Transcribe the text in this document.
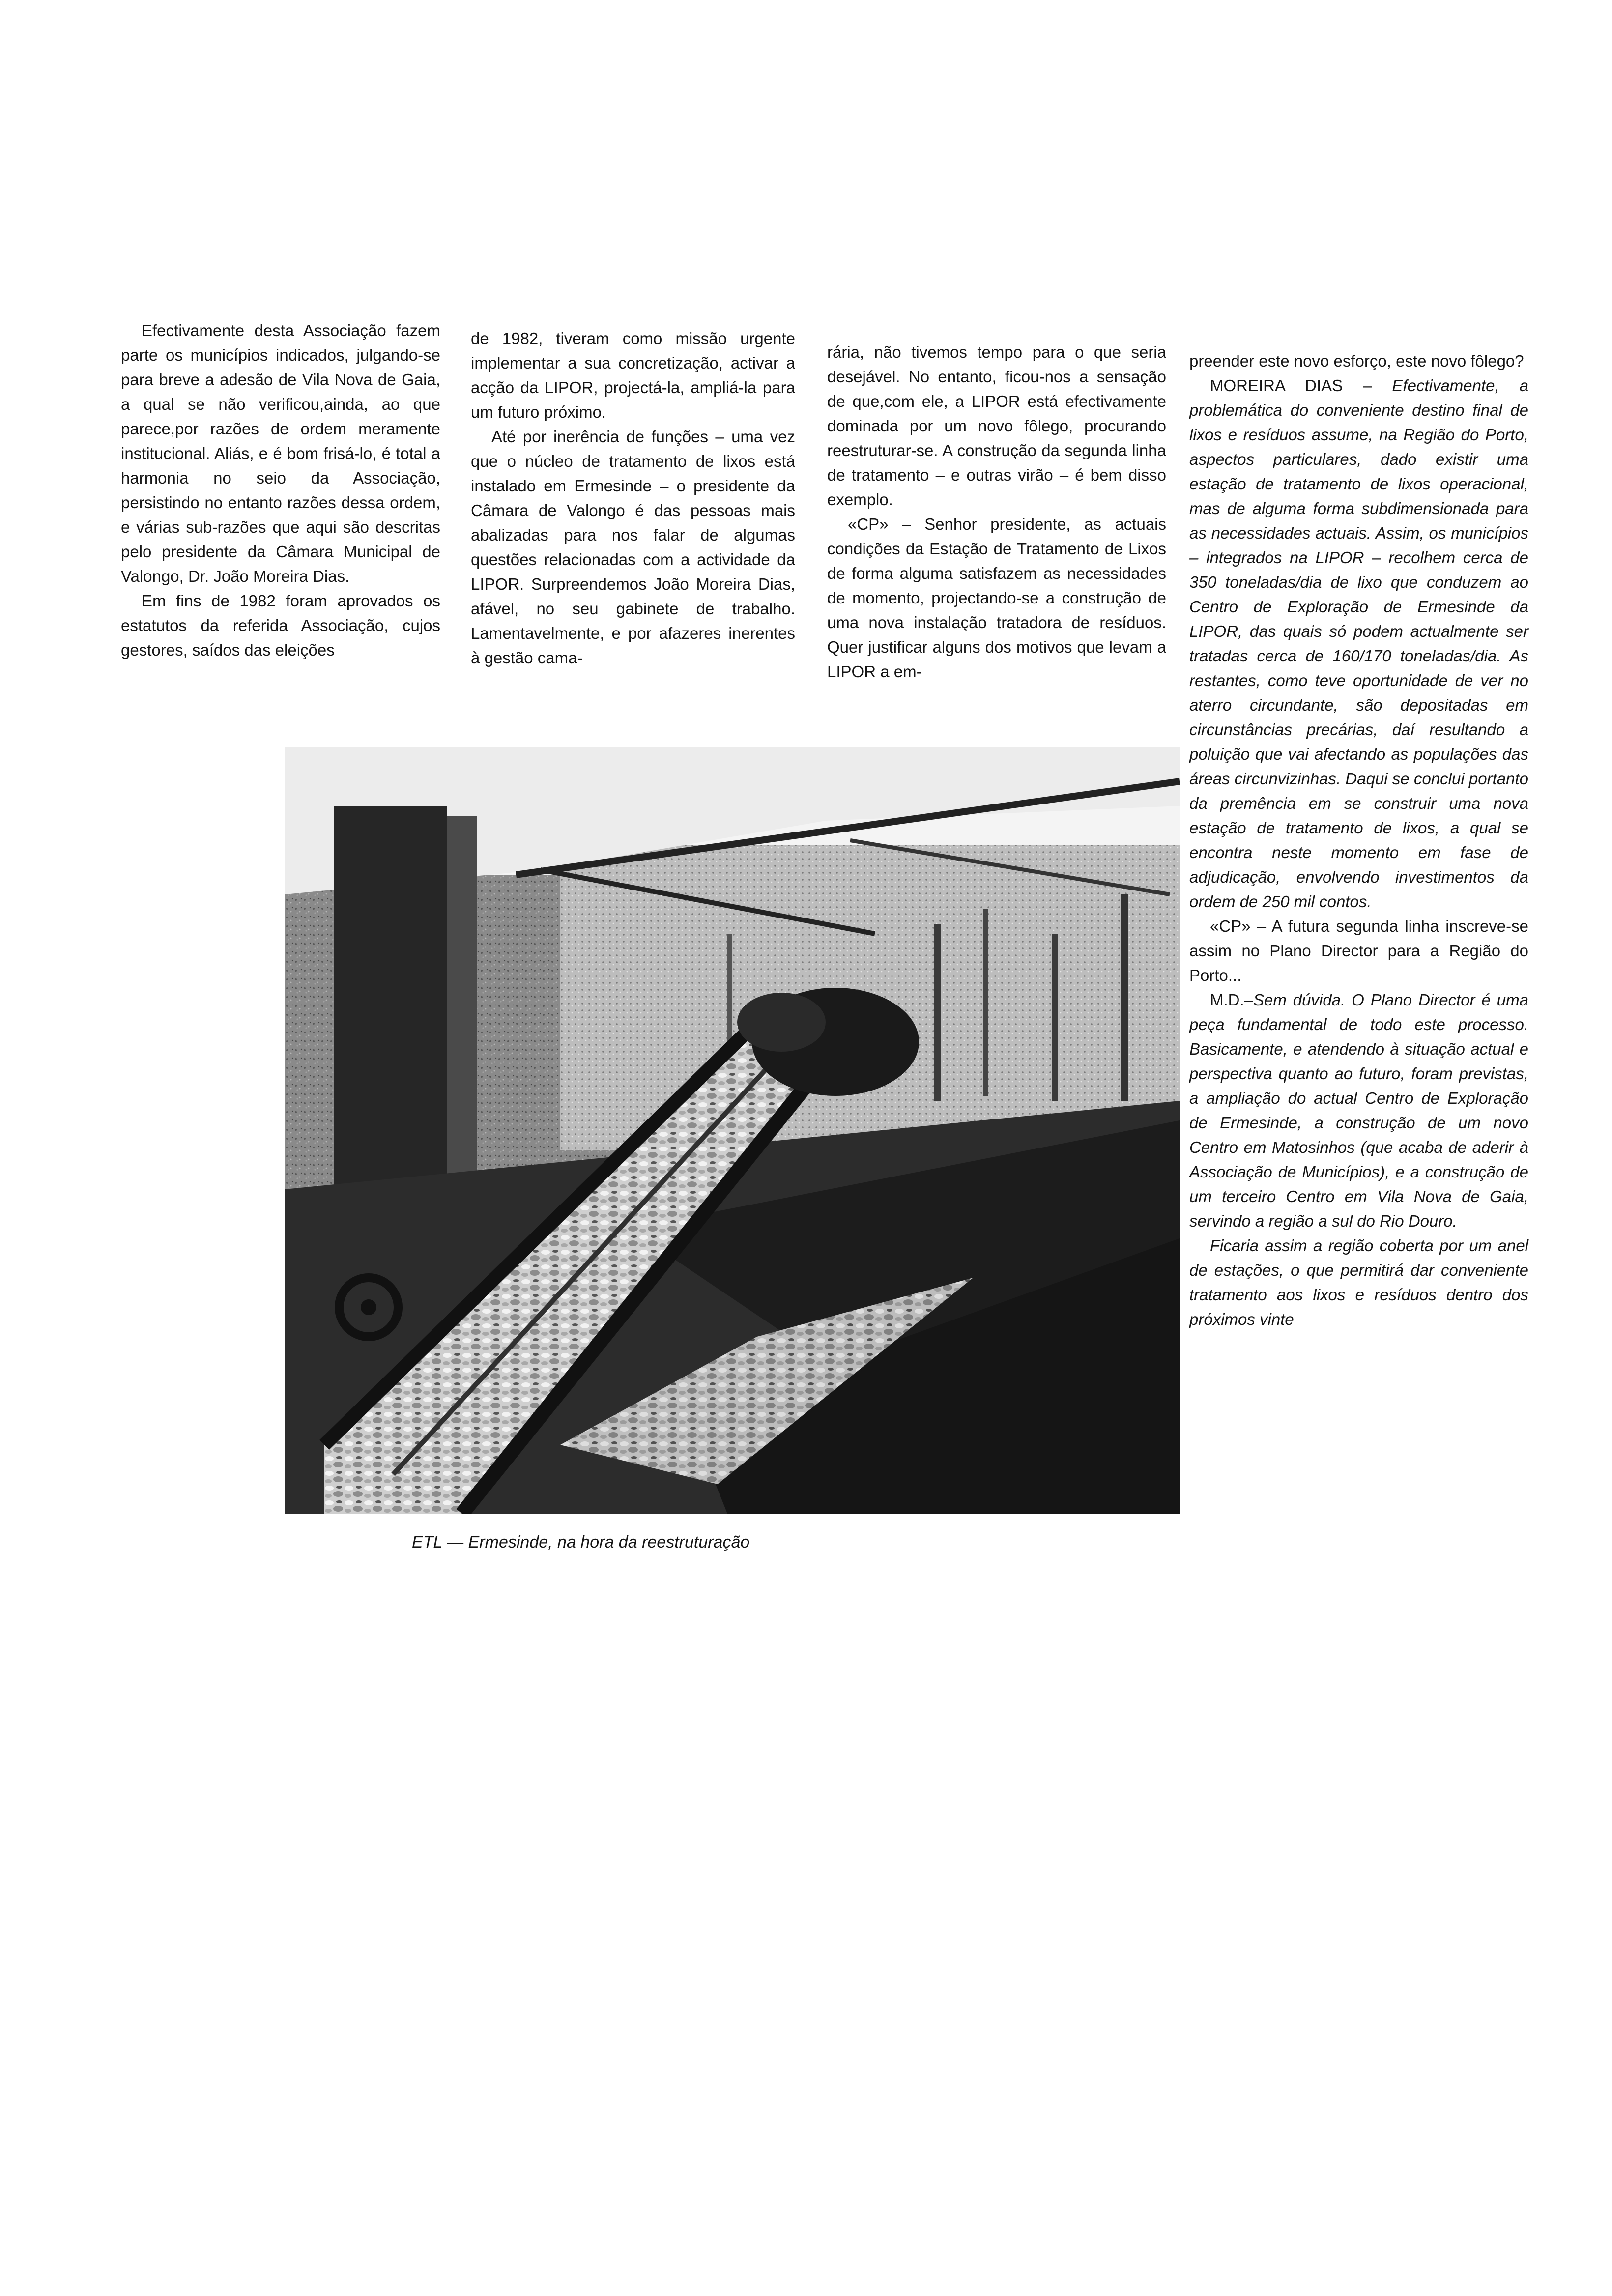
Efectivamente desta Associação fazem parte os municípios indicados, julgando-se para breve a adesão de Vila Nova de Gaia, a qual se não verificou,ainda, ao que parece,por razões de ordem meramente institucional. Aliás, e é bom frisá-lo, é total a harmonia no seio da Associação, persistindo no entanto razões dessa ordem, e várias sub-razões que aqui são descritas pelo presidente da Câmara Municipal de Valongo, Dr. João Moreira Dias.

Em fins de 1982 foram aprovados os estatutos da referida Associação, cujos gestores, saídos das eleições

de 1982, tiveram como missão urgente implementar a sua concretização, activar a acção da LIPOR, projectá-la, ampliá-la para um futuro próximo.

Até por inerência de funções – uma vez que o núcleo de tratamento de lixos está instalado em Ermesinde – o presidente da Câmara de Valongo é das pessoas mais abalizadas para nos falar de algumas questões relacionadas com a actividade da LIPOR. Surpreendemos João Moreira Dias, afável, no seu gabinete de trabalho. Lamentavelmente, e por afazeres inerentes à gestão cama-

rária, não tivemos tempo para o que seria desejável. No entanto, ficou-nos a sensação de que,com ele, a LIPOR está efectivamente dominada por um novo fôlego, procurando reestruturar-se. A construção da segunda linha de tratamento – e outras virão – é bem disso exemplo.

«CP» – Senhor presidente, as actuais condições da Estação de Tratamento de Lixos de forma alguma satisfazem as necessidades de momento, projectando-se a construção de uma nova instalação tratadora de resíduos. Quer justificar alguns dos motivos que levam a LIPOR a em-

preender este novo esforço, este novo fôlego?

MOREIRA DIAS – Efectivamente, a problemática do conveniente destino final de lixos e resíduos assume, na Região do Porto, aspectos particulares, dado existir uma estação de tratamento de lixos operacional, mas de alguma forma subdimensionada para as necessidades actuais. Assim, os municípios – integrados na LIPOR – recolhem cerca de 350 toneladas/dia de lixo que conduzem ao Centro de Exploração de Ermesinde da LIPOR, das quais só podem actualmente ser tratadas cerca de 160/170 toneladas/dia. As restantes, como teve oportunidade de ver no aterro circundante, são depositadas em circunstâncias precárias, daí resultando a poluição que vai afectando as populações das áreas circunvizinhas. Daqui se conclui portanto da premência em se construir uma nova estação de tratamento de lixos, a qual se encontra neste momento em fase de adjudicação, envolvendo investimentos da ordem de 250 mil contos.

«CP» – A futura segunda linha inscreve-se assim no Plano Director para a Região do Porto...

M.D.–Sem dúvida. O Plano Director é uma peça fundamental de todo este processo. Basicamente, e atendendo à situação actual e perspectiva quanto ao futuro, foram previstas, a ampliação do actual Centro de Exploração de Ermesinde, a construção de um novo Centro em Matosinhos (que acaba de aderir à Associação de Municípios), e a construção de um terceiro Centro em Vila Nova de Gaia, servindo a região a sul do Rio Douro.

Ficaria assim a região coberta por um anel de estações, o que permitirá dar conveniente tratamento aos lixos e resíduos dentro dos próximos vinte

ETL — Ermesinde, na hora da reestruturação
